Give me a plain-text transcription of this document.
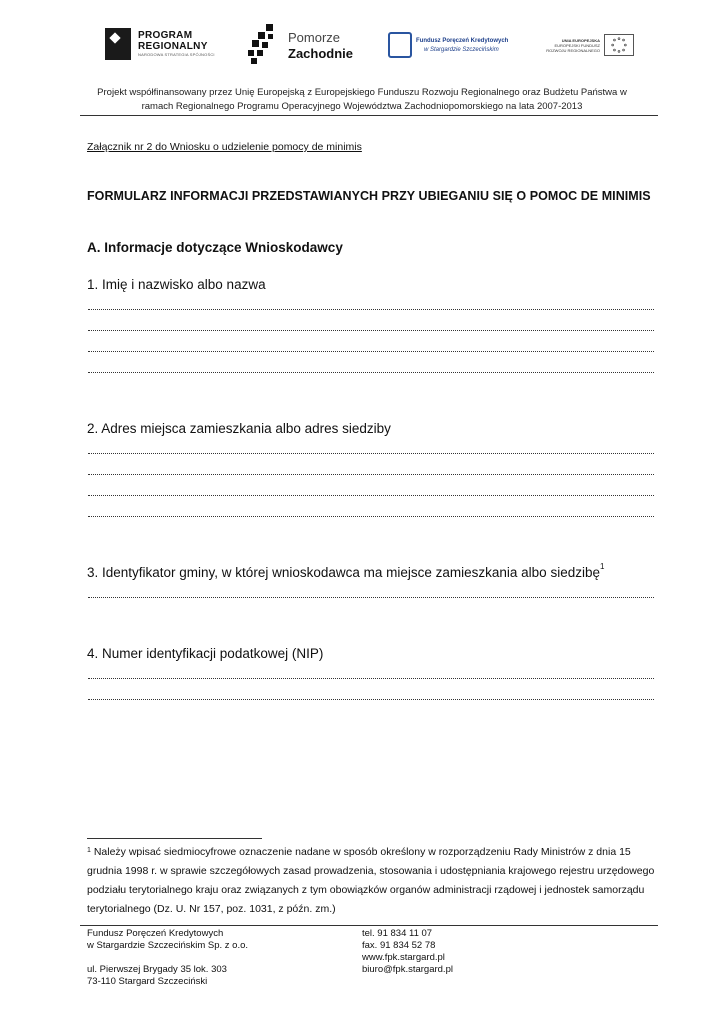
PROGRAM
REGIONALNY
NARODOWA STRATEGIA SPÓJNOŚCI
Pomorze
Zachodnie
Fundusz Poręczeń Kredytowych
w Stargardzie Szczecińskim
UNIA EUROPEJSKA
EUROPEJSKI FUNDUSZ
ROZWOJU REGIONALNEGO
Projekt współfinansowany przez Unię Europejską z Europejskiego Funduszu Rozwoju Regionalnego oraz Budżetu Państwa w
ramach Regionalnego Programu Operacyjnego Województwa Zachodniopomorskiego na lata 2007-2013
Załącznik nr 2 do Wniosku o udzielenie pomocy de minimis
FORMULARZ INFORMACJI PRZEDSTAWIANYCH PRZY UBIEGANIU SIĘ O POMOC DE MINIMIS
A. Informacje dotyczące Wnioskodawcy
1. Imię i nazwisko albo nazwa
2. Adres miejsca zamieszkania albo adres siedziby
3. Identyfikator gminy, w której wnioskodawca ma miejsce zamieszkania albo siedzibę$^1$
4. Numer identyfikacji podatkowej (NIP)
$^1$ Należy wpisać siedmiocyfrowe oznaczenie nadane w sposób określony w rozporządzeniu Rady Ministrów z dnia 15 grudnia 1998 r. w sprawie szczegółowych zasad prowadzenia, stosowania i udostępniania krajowego rejestru urzędowego podziału terytorialnego kraju oraz związanych z tym obowiązków organów administracji rządowej i jednostek samorządu terytorialnego (Dz. U. Nr 157, poz. 1031, z późn. zm.)
Fundusz Poręczeń Kredytowych
w Stargardzie Szczecińskim Sp. z o.o.
ul. Pierwszej Brygady 35 lok. 303
73-110 Stargard Szczeciński
tel. 91 834 11 07
fax. 91 834 52 78
www.fpk.stargard.pl
biuro@fpk.stargard.pl
